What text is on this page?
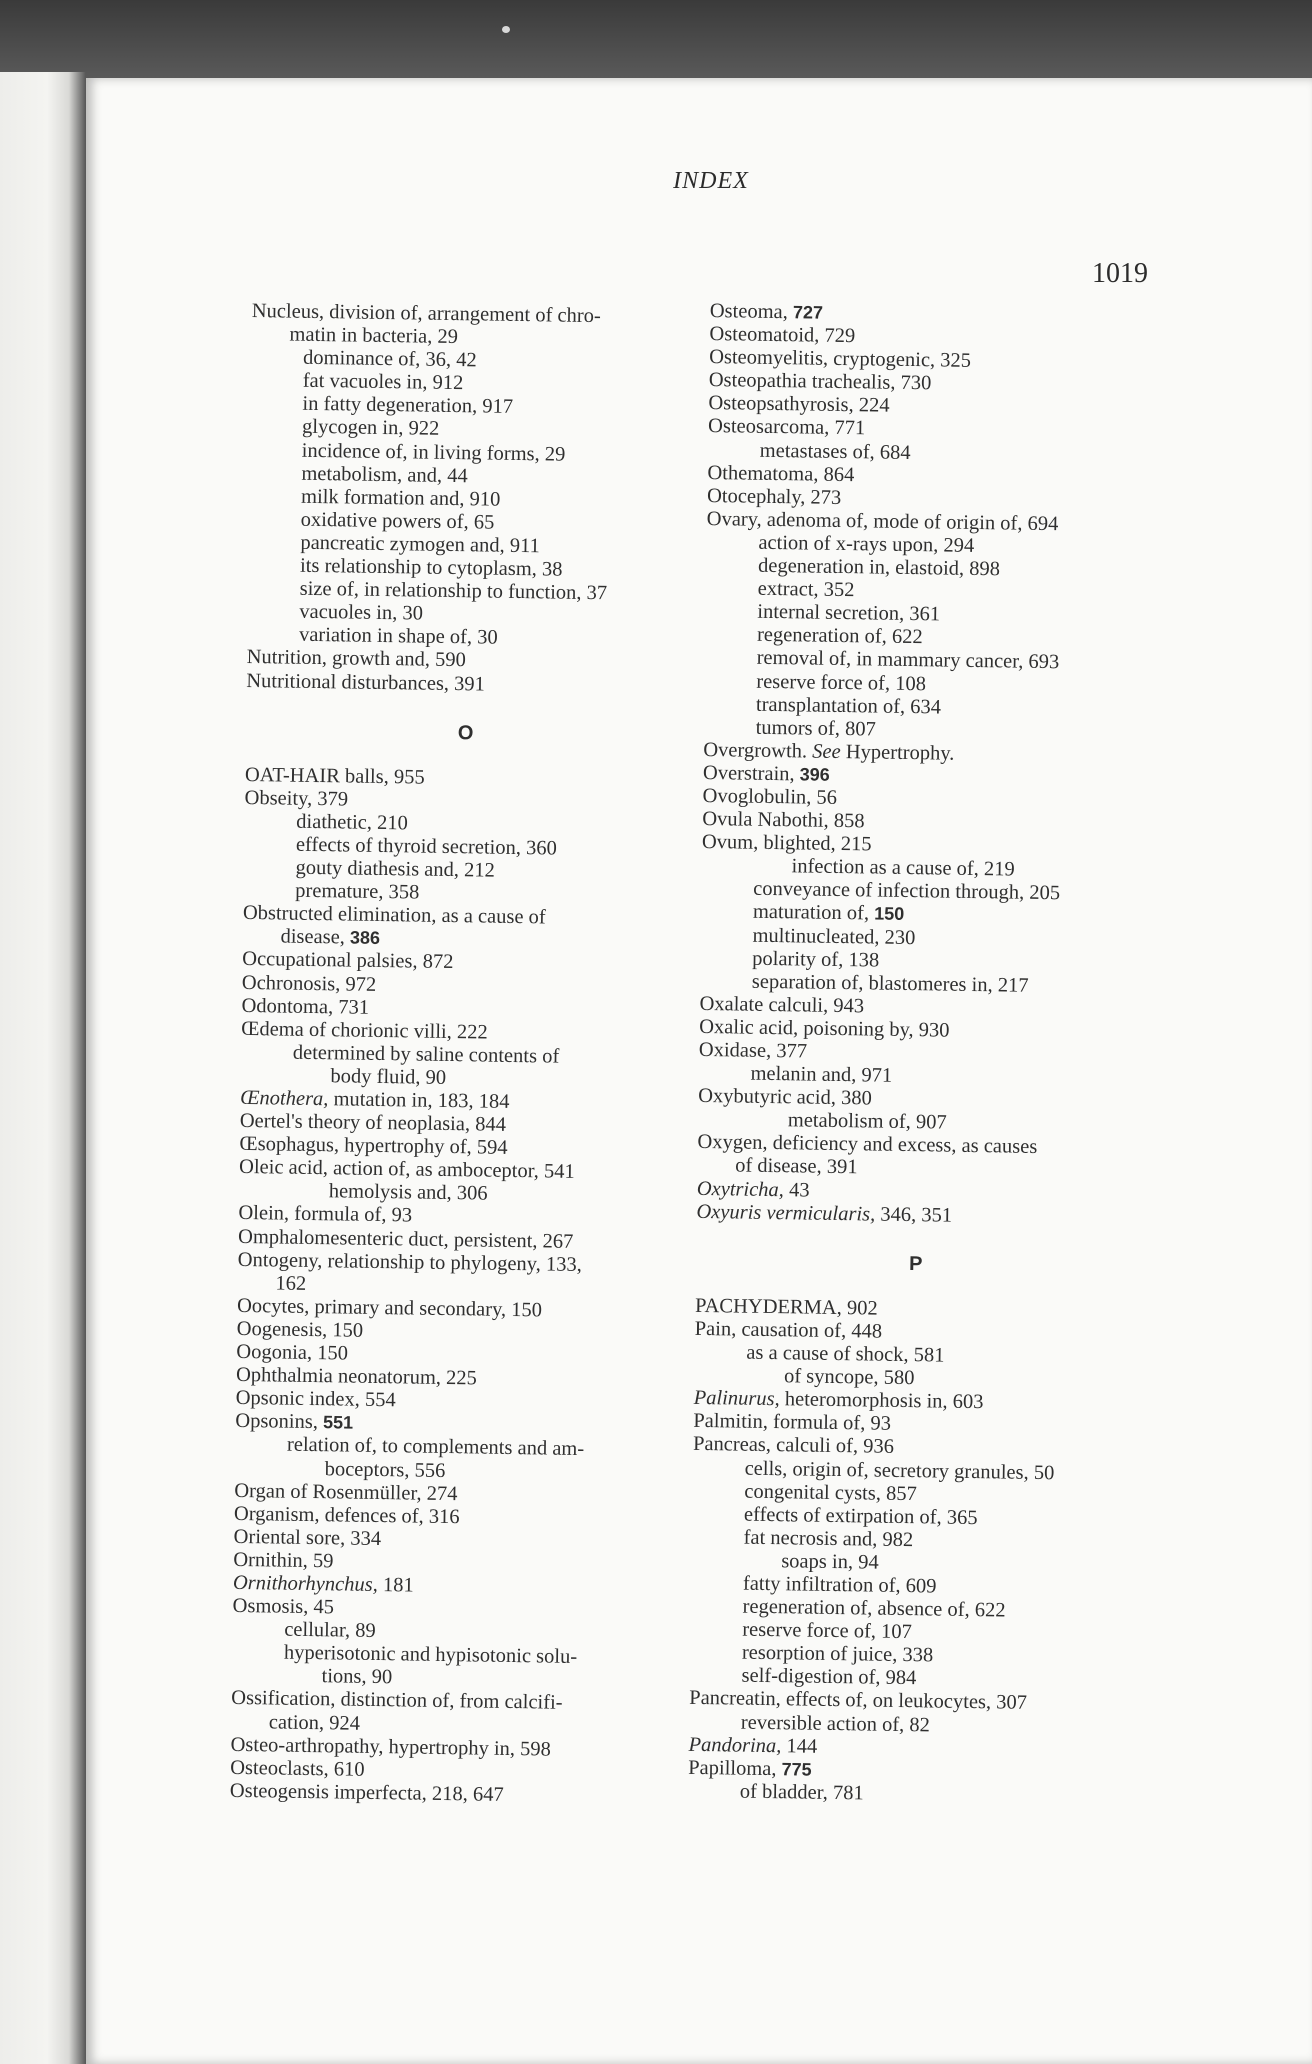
INDEX
1019
Nucleus, division of, arrangement of chro-
matin in bacteria, 29
dominance of, 36, 42
fat vacuoles in, 912
in fatty degeneration, 917
glycogen in, 922
incidence of, in living forms, 29
metabolism, and, 44
milk formation and, 910
oxidative powers of, 65
pancreatic zymogen and, 911
its relationship to cytoplasm, 38
size of, in relationship to function, 37
vacuoles in, 30
variation in shape of, 30
Nutrition, growth and, 590
Nutritional disturbances, 391
O
OAT-HAIR balls, 955
Obseity, 379
diathetic, 210
effects of thyroid secretion, 360
gouty diathesis and, 212
premature, 358
Obstructed elimination, as a cause of
disease, 386
Occupational palsies, 872
Ochronosis, 972
Odontoma, 731
Œdema of chorionic villi, 222
determined by saline contents of
body fluid, 90
Œnothera, mutation in, 183, 184
Oertel's theory of neoplasia, 844
Œsophagus, hypertrophy of, 594
Oleic acid, action of, as amboceptor, 541
hemolysis and, 306
Olein, formula of, 93
Omphalomesenteric duct, persistent, 267
Ontogeny, relationship to phylogeny, 133,
162
Oocytes, primary and secondary, 150
Oogenesis, 150
Oogonia, 150
Ophthalmia neonatorum, 225
Opsonic index, 554
Opsonins, 551
relation of, to complements and am-
boceptors, 556
Organ of Rosenmüller, 274
Organism, defences of, 316
Oriental sore, 334
Ornithin, 59
Ornithorhynchus, 181
Osmosis, 45
cellular, 89
hyperisotonic and hypisotonic solu-
tions, 90
Ossification, distinction of, from calcifi-
cation, 924
Osteo-arthropathy, hypertrophy in, 598
Osteoclasts, 610
Osteogensis imperfecta, 218, 647
Osteoma, 727
Osteomatoid, 729
Osteomyelitis, cryptogenic, 325
Osteopathia trachealis, 730
Osteopsathyrosis, 224
Osteosarcoma, 771
metastases of, 684
Othematoma, 864
Otocephaly, 273
Ovary, adenoma of, mode of origin of, 694
action of x-rays upon, 294
degeneration in, elastoid, 898
extract, 352
internal secretion, 361
regeneration of, 622
removal of, in mammary cancer, 693
reserve force of, 108
transplantation of, 634
tumors of, 807
Overgrowth. See Hypertrophy.
Overstrain, 396
Ovoglobulin, 56
Ovula Nabothi, 858
Ovum, blighted, 215
infection as a cause of, 219
conveyance of infection through, 205
maturation of, 150
multinucleated, 230
polarity of, 138
separation of, blastomeres in, 217
Oxalate calculi, 943
Oxalic acid, poisoning by, 930
Oxidase, 377
melanin and, 971
Oxybutyric acid, 380
metabolism of, 907
Oxygen, deficiency and excess, as causes
of disease, 391
Oxytricha, 43
Oxyuris vermicularis, 346, 351
P
PACHYDERMA, 902
Pain, causation of, 448
as a cause of shock, 581
of syncope, 580
Palinurus, heteromorphosis in, 603
Palmitin, formula of, 93
Pancreas, calculi of, 936
cells, origin of, secretory granules, 50
congenital cysts, 857
effects of extirpation of, 365
fat necrosis and, 982
soaps in, 94
fatty infiltration of, 609
regeneration of, absence of, 622
reserve force of, 107
resorption of juice, 338
self-digestion of, 984
Pancreatin, effects of, on leukocytes, 307
reversible action of, 82
Pandorina, 144
Papilloma, 775
of bladder, 781
